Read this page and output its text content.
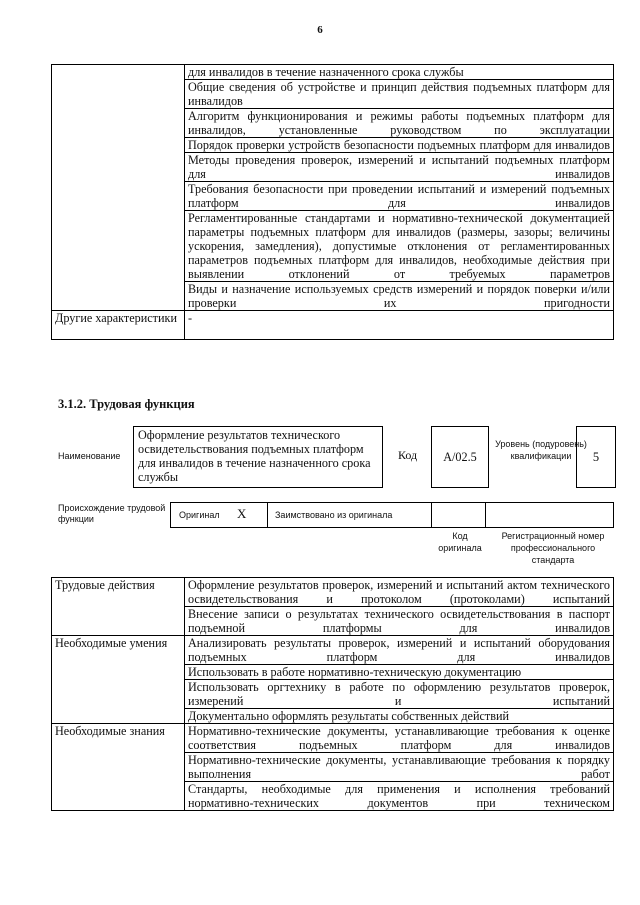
6
	для инвалидов в течение назначенного срока службы
	Общие сведения об устройстве и принцип действия подъемных платформ для инвалидов
	Алгоритм функционирования и режимы работы подъемных платформ для инвалидов, установленные руководством по эксплуатации
	Порядок проверки устройств безопасности подъемных платформ для инвалидов
	Методы проведения проверок, измерений и испытаний подъемных платформ для инвалидов
	Требования безопасности при проведении испытаний и измерений подъемных платформ для инвалидов
	Регламентированные стандартами и нормативно-технической документацией параметры подъемных платформ для инвалидов (размеры, зазоры; величины ускорения, замедления), допустимые отклонения от регламентированных параметров подъемных платформ для инвалидов, необходимые действия при выявлении отклонений от требуемых параметров
	Виды и назначение используемых средств измерений и порядок поверки и/или проверки их пригодности
Другие характеристики	-
3.1.2. Трудовая функция
Наименование
Оформление результатов технического освидетельствования подъемных платформ для инвалидов в течение назначенного срока службы
Код	A/02.5
Уровень (подуровень) квалификации	5
Происхождение трудовой функции	Оригинал X	Заимствовано из оригинала
Код оригинала
Регистрационный номер профессионального стандарта
Трудовые действия	Оформление результатов проверок, измерений и испытаний актом технического освидетельствования и протоколом (протоколами) испытаний
	Внесение записи о результатах технического освидетельствования в паспорт подъемной платформы для инвалидов
Необходимые умения	Анализировать результаты проверок, измерений и испытаний оборудования подъемных платформ для инвалидов
	Использовать в работе нормативно-техническую документацию
	Использовать оргтехнику в работе по оформлению результатов проверок, измерений и испытаний
	Документально оформлять результаты собственных действий
Необходимые знания	Нормативно-технические документы, устанавливающие требования к оценке соответствия подъемных платформ для инвалидов
	Нормативно-технические документы, устанавливающие требования к порядку выполнения работ
	Стандарты, необходимые для применения и исполнения требований нормативно-технических документов при техническом
